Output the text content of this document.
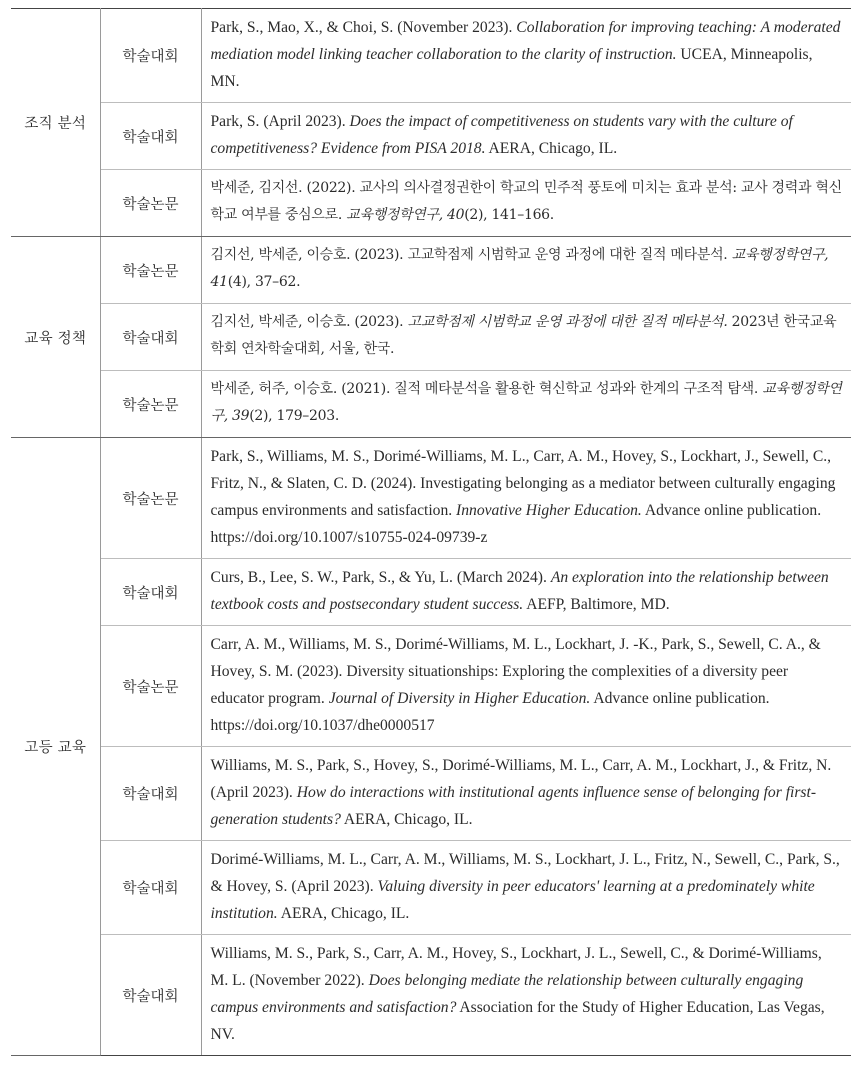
조직 분석	학술대회	Park, S., Mao, X., & Choi, S. (November 2023). Collaboration for improving teaching: A moderated mediation model linking teacher collaboration to the clarity of instruction. UCEA, Minneapolis, MN.
	학술대회	Park, S. (April 2023). Does the impact of competitiveness on students vary with the culture of competitiveness? Evidence from PISA 2018. AERA, Chicago, IL.
	학술논문	박세준, 김지선. (2022). 교사의 의사결정권한이 학교의 민주적 풍토에 미치는 효과 분석: 교사 경력과 혁신학교 여부를 중심으로. 교육행정학연구, 40(2), 141–166.
교육 정책	학술논문	김지선, 박세준, 이승호. (2023). 고교학점제 시범학교 운영 과정에 대한 질적 메타분석. 교육행정학연구, 41(4), 37–62.
	학술대회	김지선, 박세준, 이승호. (2023). 고교학점제 시범학교 운영 과정에 대한 질적 메타분석. 2023년 한국교육학회 연차학술대회, 서울, 한국.
	학술논문	박세준, 허주, 이승호. (2021). 질적 메타분석을 활용한 혁신학교 성과와 한계의 구조적 탐색. 교육행정학연구, 39(2), 179–203.
고등 교육	학술논문	Park, S., Williams, M. S., Dorimé-Williams, M. L., Carr, A. M., Hovey, S., Lockhart, J., Sewell, C., Fritz, N., & Slaten, C. D. (2024). Investigating belonging as a mediator between culturally engaging campus environments and satisfaction. Innovative Higher Education. Advance online publication. https://doi.org/10.1007/s10755-024-09739-z
	학술대회	Curs, B., Lee, S. W., Park, S., & Yu, L. (March 2024). An exploration into the relationship between textbook costs and postsecondary student success. AEFP, Baltimore, MD.
	학술논문	Carr, A. M., Williams, M. S., Dorimé-Williams, M. L., Lockhart, J. -K., Park, S., Sewell, C. A., & Hovey, S. M. (2023). Diversity situationships: Exploring the complexities of a diversity peer educator program. Journal of Diversity in Higher Education. Advance online publication. https://doi.org/10.1037/dhe0000517
	학술대회	Williams, M. S., Park, S., Hovey, S., Dorimé-Williams, M. L., Carr, A. M., Lockhart, J., & Fritz, N. (April 2023). How do interactions with institutional agents influence sense of belonging for first-generation students? AERA, Chicago, IL.
	학술대회	Dorimé-Williams, M. L., Carr, A. M., Williams, M. S., Lockhart, J. L., Fritz, N., Sewell, C., Park, S., & Hovey, S. (April 2023). Valuing diversity in peer educators' learning at a predominately white institution. AERA, Chicago, IL.
	학술대회	Williams, M. S., Park, S., Carr, A. M., Hovey, S., Lockhart, J. L., Sewell, C., & Dorimé-Williams, M. L. (November 2022). Does belonging mediate the relationship between culturally engaging campus environments and satisfaction? Association for the Study of Higher Education, Las Vegas, NV.
